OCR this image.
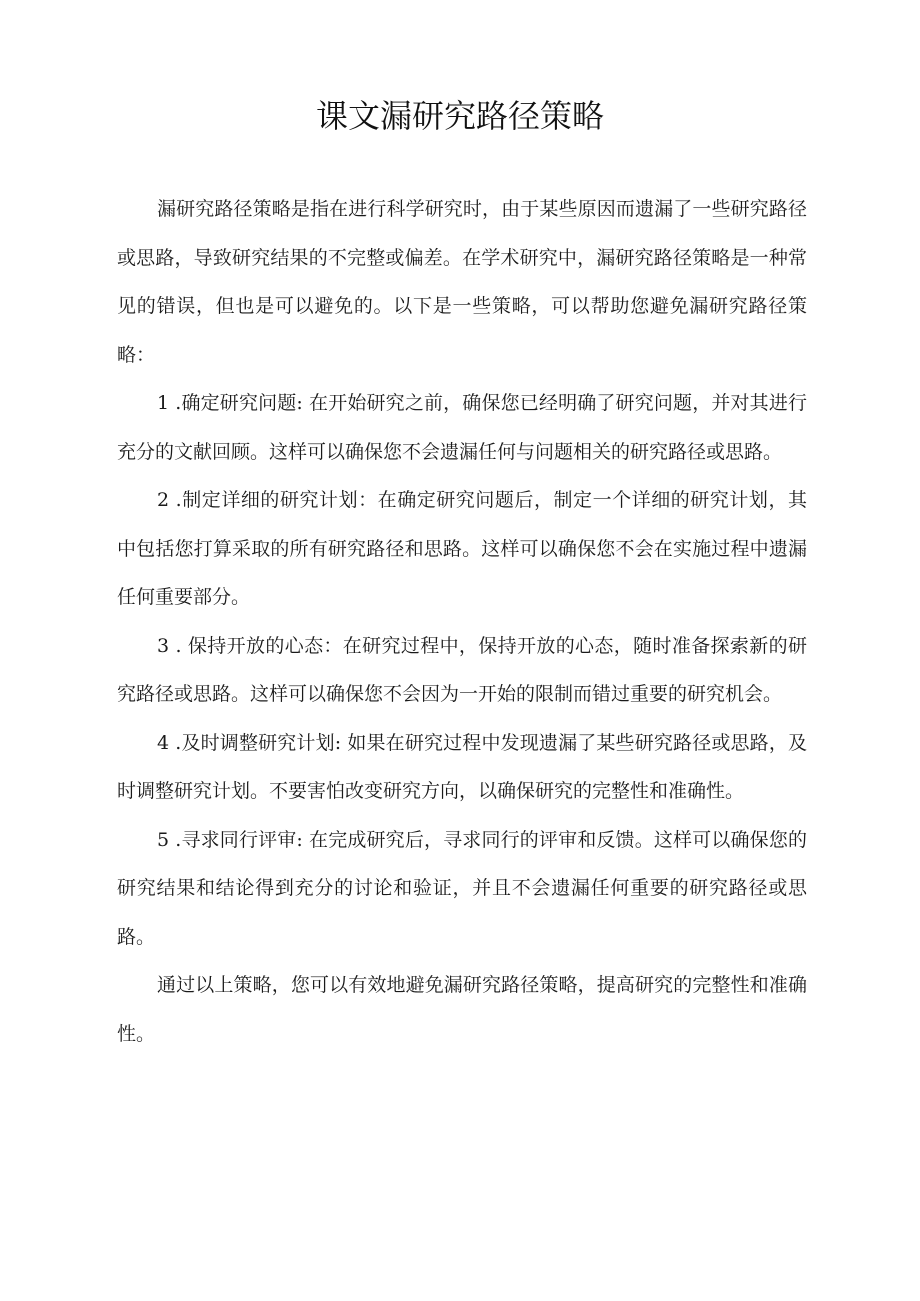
课文漏研究路径策略

漏研究路径策略是指在进行科学研究时，由于某些原因而遗漏了一些研究路径或思路，导致研究结果的不完整或偏差。在学术研究中，漏研究路径策略是一种常见的错误，但也是可以避免的。以下是一些策略，可以帮助您避免漏研究路径策略：

1 .确定研究问题: 在开始研究之前，确保您已经明确了研究问题，并对其进行充分的文献回顾。这样可以确保您不会遗漏任何与问题相关的研究路径或思路。

2 .制定详细的研究计划：在确定研究问题后，制定一个详细的研究计划，其中包括您打算采取的所有研究路径和思路。这样可以确保您不会在实施过程中遗漏任何重要部分。

3 . 保持开放的心态：在研究过程中，保持开放的心态，随时准备探索新的研究路径或思路。这样可以确保您不会因为一开始的限制而错过重要的研究机会。

4 .及时调整研究计划: 如果在研究过程中发现遗漏了某些研究路径或思路，及时调整研究计划。不要害怕改变研究方向，以确保研究的完整性和准确性。

5 .寻求同行评审: 在完成研究后，寻求同行的评审和反馈。这样可以确保您的研究结果和结论得到充分的讨论和验证，并且不会遗漏任何重要的研究路径或思路。

通过以上策略，您可以有效地避免漏研究路径策略，提高研究的完整性和准确性。
